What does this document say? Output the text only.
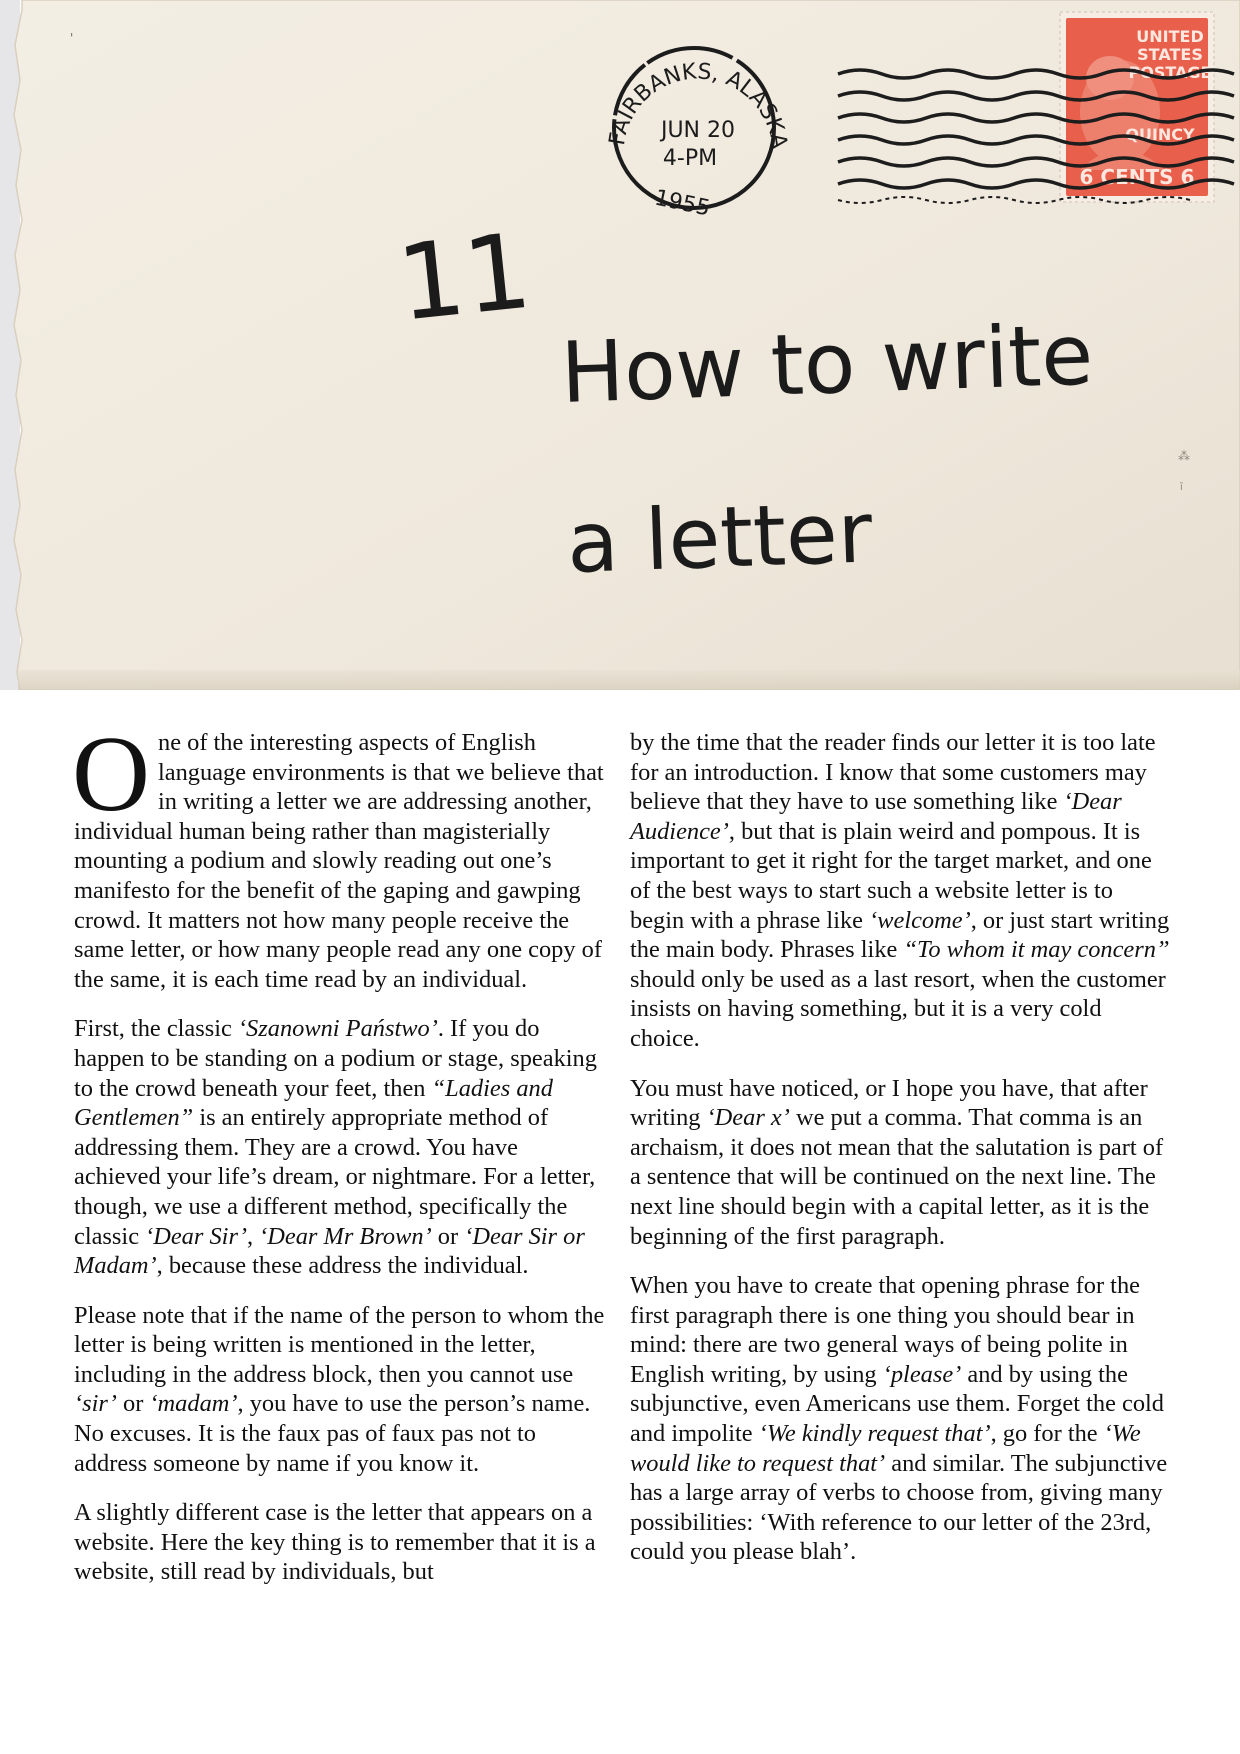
'
⁂
ī
FAIRBANKS, ALASKA
JUN 20
4-PM
1955
UNITED
STATES
POSTAGE
QUINCY
6 CENTS 6
11
How to write
a letter

One of the interesting aspects of English language environments is that we believe that in writing a letter we are addressing another, individual human being rather than magisterially mounting a podium and slowly reading out one’s manifesto for the benefit of the gaping and gawping crowd. It matters not how many people receive the same letter, or how many people read any one copy of the same, it is each time read by an individual.

First, the classic ‘Szanowni Państwo’. If you do happen to be standing on a podium or stage, speaking to the crowd beneath your feet, then “Ladies and Gentlemen” is an entirely appropriate method of addressing them. They are a crowd. You have achieved your life’s dream, or nightmare. For a letter, though, we use a different method, specifically the classic ‘Dear Sir’, ‘Dear Mr Brown’ or ‘Dear Sir or Madam’, because these address the individual.

Please note that if the name of the person to whom the letter is being written is mentioned in the letter, including in the address block, then you cannot use ‘sir’ or ‘madam’, you have to use the person’s name. No excuses. It is the faux pas of faux pas not to address someone by name if you know it.

A slightly different case is the letter that appears on a website. Here the key thing is to remember that it is a website, still read by individuals, but

by the time that the reader finds our letter it is too late for an introduction. I know that some customers may believe that they have to use something like ‘Dear Audience’, but that is plain weird and pompous. It is important to get it right for the target market, and one of the best ways to start such a website letter is to begin with a phrase like ‘welcome’, or just start writing the main body. Phrases like “To whom it may concern” should only be used as a last resort, when the customer insists on having something, but it is a very cold choice.

You must have noticed, or I hope you have, that after writing ‘Dear x’ we put a comma. That comma is an archaism, it does not mean that the salutation is part of a sentence that will be continued on the next line. The next line should begin with a capital letter, as it is the beginning of the first paragraph.

When you have to create that opening phrase for the first paragraph there is one thing you should bear in mind: there are two general ways of being polite in English writing, by using ‘please’ and by using the subjunctive, even Americans use them. Forget the cold and impolite ‘We kindly request that’, go for the ‘We would like to request that’ and similar. The subjunctive has a large array of verbs to choose from, giving many possibilities: ‘With reference to our letter of the 23rd, could you please blah’.
